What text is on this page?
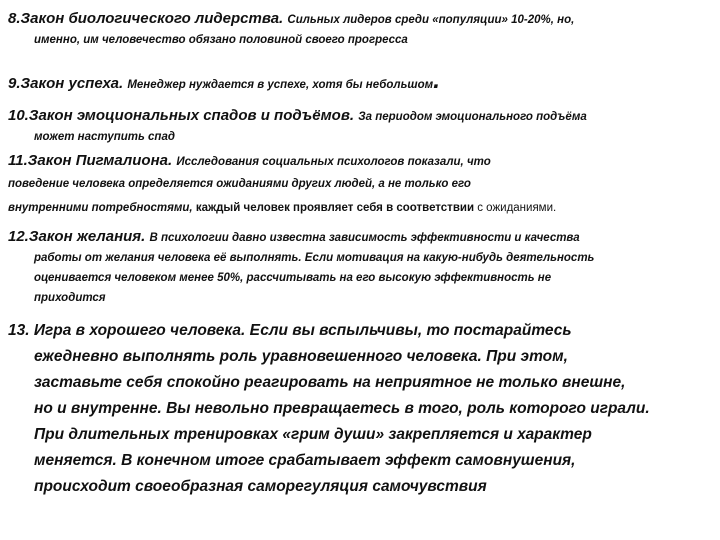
8.Закон биологического лидерства. Сильных лидеров среди «популяции» 10-20%, но,
именно, им человечество обязано половиной своего прогресса
9.Закон успеха. Менеджер нуждается в успехе, хотя бы небольшом.
10.Закон эмоциональных спадов и подъёмов. За периодом эмоционального подъёма
может наступить спад
11.Закон Пигмалиона. Исследования социальных психологов показали, что
поведение человека определяется ожиданиями других людей, а не только его
внутренними потребностями, каждый человек проявляет себя в соответствии с ожиданиями.
12.Закон желания. В психологии давно известна зависимость эффективности и качества
работы от желания человека её выполнять. Если мотивация на какую-нибудь деятельность
оценивается человеком менее 50%, рассчитывать на его высокую эффективность не
приходится
13. Игра в хорошего человека. Если вы вспыльчивы, то постарайтесь
ежедневно выполнять роль уравновешенного человека. При этом,
заставьте себя спокойно реагировать на неприятное не только внешне,
но и внутренне. Вы невольно превращаетесь в того, роль которого играли.
При длительных тренировках «грим души» закрепляется и характер
меняется. В конечном итоге срабатывает эффект самовнушения,
происходит своеобразная саморегуляция самочувствия
